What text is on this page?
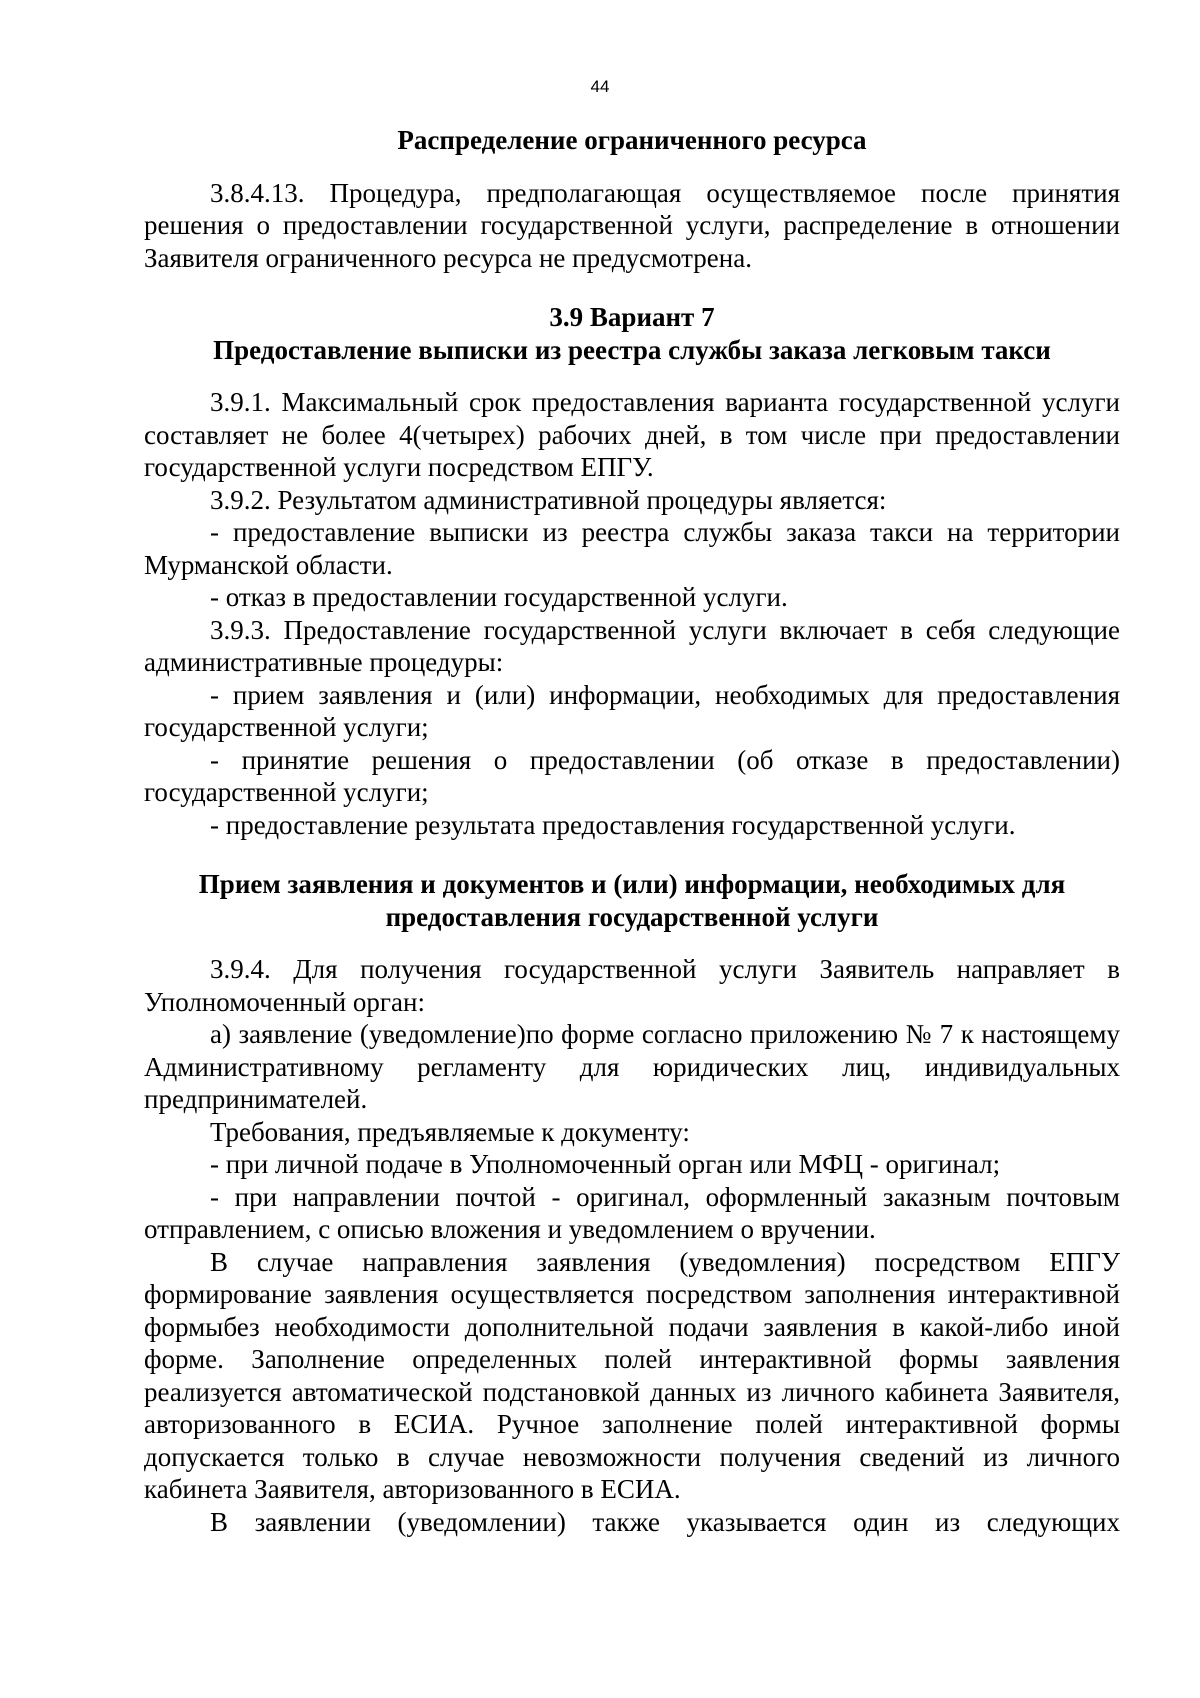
44
Распределение ограниченного ресурса

3.8.4.13. Процедура, предполагающая осуществляемое после принятия решения о предоставлении государственной услуги, распределение в отношении Заявителя ограниченного ресурса не предусмотрена.

3.9 Вариант 7
Предоставление выписки из реестра службы заказа легковым такси

3.9.1. Максимальный срок предоставления варианта государственной услуги составляет не более 4(четырех) рабочих дней, в том числе при предоставлении государственной услуги посредством ЕПГУ.

3.9.2. Результатом административной процедуры является:

- предоставление выписки из реестра службы заказа такси на территории Мурманской области.

- отказ в предоставлении государственной услуги.

3.9.3. Предоставление государственной услуги включает в себя следующие административные процедуры:

- прием заявления и (или) информации, необходимых для предоставления государственной услуги;

- принятие решения о предоставлении (об отказе в предоставлении) государственной услуги;

- предоставление результата предоставления государственной услуги.

Прием заявления и документов и (или) информации, необходимых для
предоставления государственной услуги

3.9.4. Для получения государственной услуги Заявитель направляет в Уполномоченный орган:

а) заявление (уведомление)по форме согласно приложению № 7 к настоящему Административному регламенту для юридических лиц, индивидуальных предпринимателей.

Требования, предъявляемые к документу:

- при личной подаче в Уполномоченный орган или МФЦ - оригинал;

- при направлении почтой - оригинал, оформленный заказным почтовым отправлением, с описью вложения и уведомлением о вручении.

В случае направления заявления (уведомления) посредством ЕПГУ формирование заявления осуществляется посредством заполнения интерактивной формыбез необходимости дополнительной подачи заявления в какой-либо иной форме. Заполнение определенных полей интерактивной формы заявления реализуется автоматической подстановкой данных из личного кабинета Заявителя, авторизованного в ЕСИА. Ручное заполнение полей интерактивной формы допускается только в случае невозможности получения сведений из личного кабинета Заявителя, авторизованного в ЕСИА.

В заявлении (уведомлении) также указывается один из следующих
